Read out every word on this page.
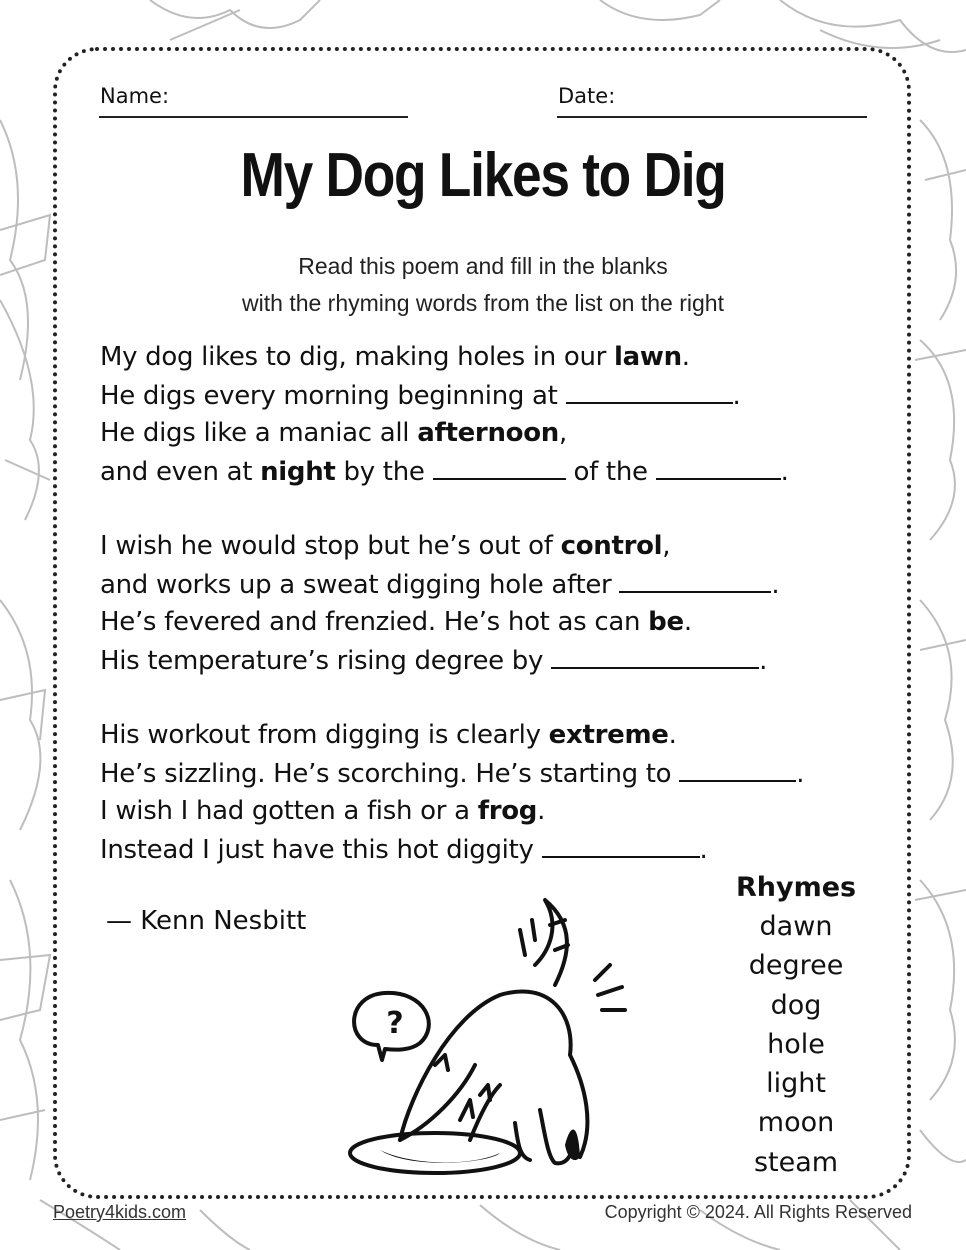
Name:	Date:
My Dog Likes to Dig
Read this poem and fill in the blanks
with the rhyming words from the list on the right
My dog likes to dig, making holes in our lawn.
He digs every morning beginning at	.
He digs like a maniac all afternoon,
and even at night by the	of the	.
I wish he would stop but he’s out of control,
and works up a sweat digging hole after	.
He’s fevered and frenzied. He’s hot as can be.
His temperature’s rising degree by	.
His workout from digging is clearly extreme.
He’s sizzling. He’s scorching. He’s starting to	.
I wish I had gotten a fish or a frog.
Instead I just have this hot diggity	.
— Kenn Nesbitt
?
Rhymes
dawn
degree
dog
hole
light
moon
steam
Poetry4kids.com	Copyright © 2024. All Rights Reserved
